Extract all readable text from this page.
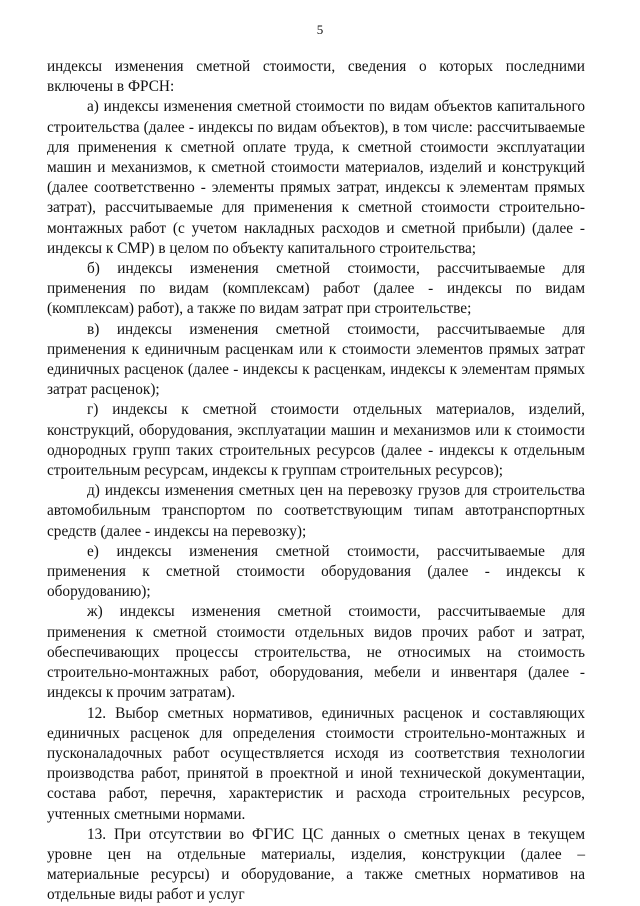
5

индексы изменения сметной стоимости, сведения о которых последними включены в ФРСН:

а) индексы изменения сметной стоимости по видам объектов капитального строительства (далее - индексы по видам объектов), в том числе: рассчитываемые для применения к сметной оплате труда, к сметной стоимости эксплуатации машин и механизмов, к сметной стоимости материалов, изделий и конструкций (далее соответственно - элементы прямых затрат, индексы к элементам прямых затрат), рассчитываемые для применения к сметной стоимости строительно-монтажных работ (с учетом накладных расходов и сметной прибыли) (далее - индексы к СМР) в целом по объекту капитального строительства;

б) индексы изменения сметной стоимости, рассчитываемые для применения по видам (комплексам) работ (далее - индексы по видам (комплексам) работ), а также по видам затрат при строительстве;

в) индексы изменения сметной стоимости, рассчитываемые для применения к единичным расценкам или к стоимости элементов прямых затрат единичных расценок (далее - индексы к расценкам, индексы к элементам прямых затрат расценок);

г) индексы к сметной стоимости отдельных материалов, изделий, конструкций, оборудования, эксплуатации машин и механизмов или к стоимости однородных групп таких строительных ресурсов (далее - индексы к отдельным строительным ресурсам, индексы к группам строительных ресурсов);

д) индексы изменения сметных цен на перевозку грузов для строительства автомобильным транспортом по соответствующим типам автотранспортных средств (далее - индексы на перевозку);

е) индексы изменения сметной стоимости, рассчитываемые для применения к сметной стоимости оборудования (далее - индексы к оборудованию);

ж) индексы изменения сметной стоимости, рассчитываемые для применения к сметной стоимости отдельных видов прочих работ и затрат, обеспечивающих процессы строительства, не относимых на стоимость строительно-монтажных работ, оборудования, мебели и инвентаря (далее - индексы к прочим затратам).

12. Выбор сметных нормативов, единичных расценок и составляющих единичных расценок для определения стоимости строительно-монтажных и пусконаладочных работ осуществляется исходя из соответствия технологии производства работ, принятой в проектной и иной технической документации, состава работ, перечня, характеристик и расхода строительных ресурсов, учтенных сметными нормами.

13. При отсутствии во ФГИС ЦС данных о сметных ценах в текущем уровне цен на отдельные материалы, изделия, конструкции (далее – материальные ресурсы) и оборудование, а также сметных нормативов на отдельные виды работ и услуг
